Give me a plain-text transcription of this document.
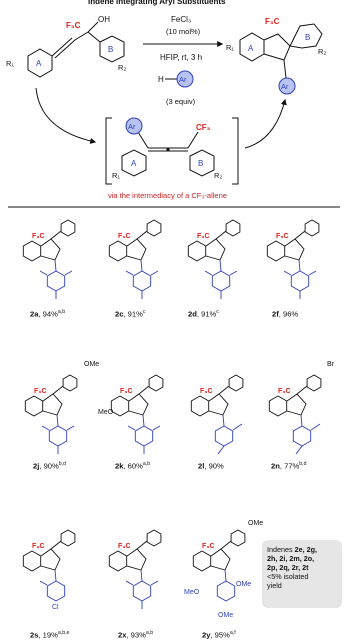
Indene Integrating Aryl Substituents
A
B
R₁	R₂
F₃C
OH	FeCl₃
(10 mol%)
HFIP, rt, 3 h
H Ar
(3 equiv)
F₃C
A
B
R₁	R₂
Ar
Ar	CF₃
A	B
R₁	R₂
via the intermediacy of a CF₃-allene
F₃C	F₃C	F₃C	F₃C
F₃C	F₃C	F₃C	F₃C
F₃C	F₃C	F₃C
OMe
MeO
Br
Cl
OMe
MeO
OMe
OMe
2a, 94%$^{a,b}$	2c, 91%$^c$	2d, 91%$^c$	2f, 96%
2j, 90%$^{b,d}$	2k, 60%$^{a,b}$	2l, 90%	2n, 77%$^{b,d}$
2s, 19%$^{a,b,e}$	2x, 93%$^{a,b}$	2y, 95%$^{a,f}$
Indenes 2e, 2g,
2h, 2i, 2m, 2o,
2p, 2q, 2r, 2t
<5% isolated
yield
